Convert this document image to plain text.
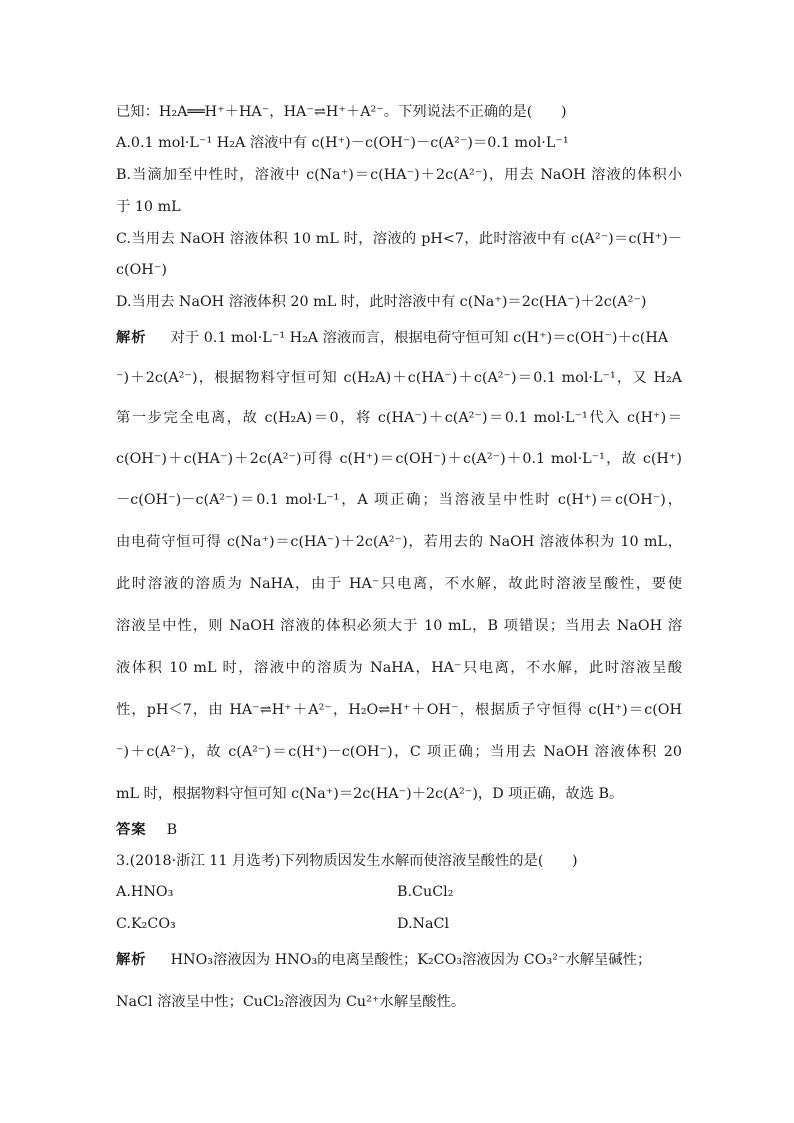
已知：H₂A══H⁺＋HA⁻，HA⁻⇌H⁺＋A²⁻。下列说法不正确的是(　　)
A.0.1 mol·L⁻¹ H₂A 溶液中有 c(H⁺)－c(OH⁻)－c(A²⁻)＝0.1 mol·L⁻¹
B.当滴加至中性时，溶液中 c(Na⁺)＝c(HA⁻)＋2c(A²⁻)，用去 NaOH 溶液的体积小
于 10 mL
C.当用去 NaOH 溶液体积 10 mL 时，溶液的 pH<7，此时溶液中有 c(A²⁻)＝c(H⁺)－
c(OH⁻)
D.当用去 NaOH 溶液体积 20 mL 时，此时溶液中有 c(Na⁺)＝2c(HA⁻)＋2c(A²⁻)
解析 对于 0.1 mol·L⁻¹ H₂A 溶液而言，根据电荷守恒可知 c(H⁺)＝c(OH⁻)＋c(HA
⁻)＋2c(A²⁻)，根据物料守恒可知 c(H₂A)＋c(HA⁻)＋c(A²⁻)＝0.1 mol·L⁻¹，又 H₂A
第一步完全电离，故 c(H₂A)＝0，将 c(HA⁻)＋c(A²⁻)＝0.1 mol·L⁻¹代入 c(H⁺)＝
c(OH⁻)＋c(HA⁻)＋2c(A²⁻)可得 c(H⁺)＝c(OH⁻)＋c(A²⁻)＋0.1 mol·L⁻¹，故 c(H⁺)
－c(OH⁻)－c(A²⁻)＝0.1 mol·L⁻¹，A 项正确；当溶液呈中性时 c(H⁺)＝c(OH⁻)，
由电荷守恒可得 c(Na⁺)＝c(HA⁻)＋2c(A²⁻)，若用去的 NaOH 溶液体积为 10 mL，
此时溶液的溶质为 NaHA，由于 HA⁻只电离，不水解，故此时溶液呈酸性，要使
溶液呈中性，则 NaOH 溶液的体积必须大于 10 mL，B 项错误；当用去 NaOH 溶
液体积 10 mL 时，溶液中的溶质为 NaHA，HA⁻只电离，不水解，此时溶液呈酸
性，pH＜7，由 HA⁻⇌H⁺＋A²⁻，H₂O⇌H⁺＋OH⁻，根据质子守恒得 c(H⁺)＝c(OH
⁻)＋c(A²⁻)，故 c(A²⁻)＝c(H⁺)－c(OH⁻)，C 项正确；当用去 NaOH 溶液体积 20
mL 时，根据物料守恒可知 c(Na⁺)＝2c(HA⁻)＋2c(A²⁻)，D 项正确，故选 B。
答案 B
3.(2018·浙江 11 月选考)下列物质因发生水解而使溶液呈酸性的是(　　)
A.HNO₃	B.CuCl₂
C.K₂CO₃	D.NaCl
解析 HNO₃溶液因为 HNO₃的电离呈酸性；K₂CO₃溶液因为 CO₃²⁻水解呈碱性；
NaCl 溶液呈中性；CuCl₂溶液因为 Cu²⁺水解呈酸性。
